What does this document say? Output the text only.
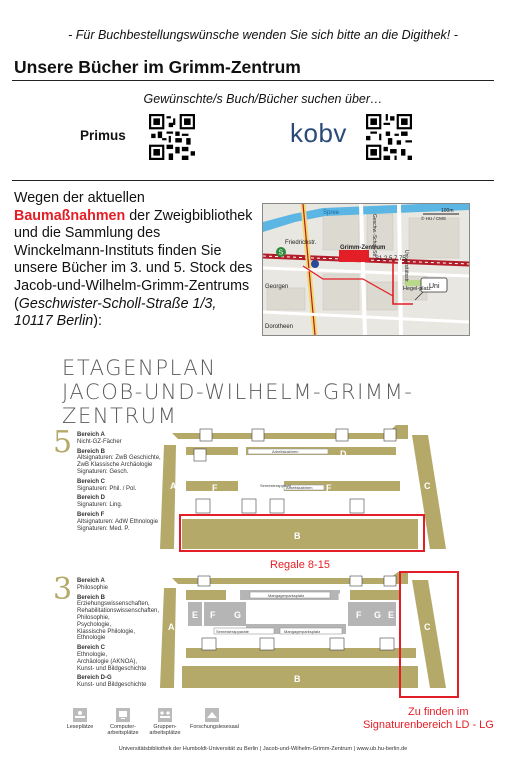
- Für Buchbestellungswünsche wenden Sie sich bitte an die Digithek! -
Unsere Bücher im Grimm-Zentrum
Gewünschte/s Buch/Bücher suchen über…
Primus	kobv
Wegen der aktuellen
Baumaßnahmen der Zweigbibliothek und die Sammlung des Winckelmann-Instituts finden Sie unsere Bücher im 3. und 5. Stock des Jacob-und-Wilhelm-Grimm-Zentrums (Geschwister-Scholl-Straße 1/3, 10117 Berlin):
S
Spree
Friedrichstr.
Grimm-Zentrum
S1,2,5,7,75
Georgen
Dorotheen
Hegel-platz
Uni
Universitätsstr.
Geschw.-Scholl-Str.
100m
© HU / CMS
ETAGENPLAN
JACOB-UND-WILHELM-GRIMM-ZENTRUM
5 Bereich A
Nicht-GZ-Fächer
Bereich B
Altsignaturen: ZwB Geschichte,
ZwB Klassische Archäologie
Signaturen: Gesch.
Bereich C
Signaturen: Phil. / Pol.
Bereich D
Signaturen: Ling.
Bereich F
Altsignaturen: AdW Ethnologie
Signaturen: Med. P.
A
B
C
D
E
F	F
D
Arbeitskabinen
Arbeitskabinen
Semesterapparat
Regale 8-15
3 Bereich A
Philosophie
Bereich B
Erziehungswissenschaften,
Rehabilitationswissenschaften,
Philosophie,
Psychologie,
Klassische Philologie,
Ethnologie
Bereich C
Ethnologie,
Archäologie (AKNOA),
Kunst- und Bildgeschichte
Bereich D-G
Kunst- und Bildgeschichte
A
B
C
D	D
E F G	F G E
Mangagerparksplatz
Semesterapparate	Mangagerparksplatz
Zu finden im
Signaturenbereich LD - LG
Leseplätze	Computer-arbeitsplätze
Gruppen-arbeitsplätze
Forschungslesesaal
Universitätsbibliothek der Humboldt-Universität zu Berlin | Jacob-und-Wilhelm-Grimm-Zentrum | www.ub.hu-berlin.de
